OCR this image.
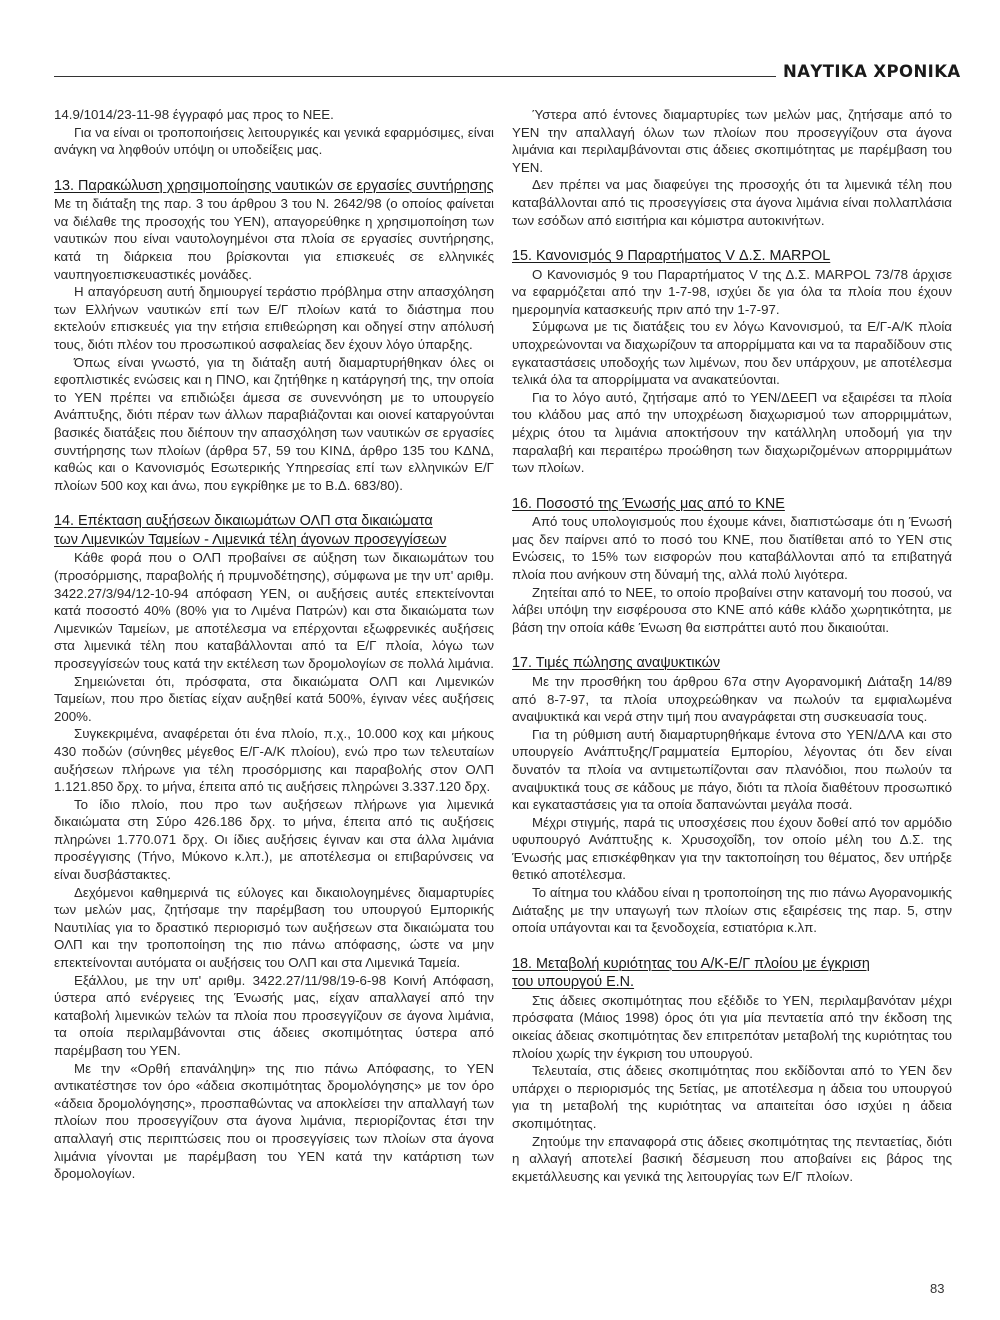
ΝΑΥΤΙΚΑ ΧΡΟΝΙΚΑ

14.9/1014/23-11-98 έγγραφό μας προς το ΝΕΕ.

Για να είναι οι τροποποιήσεις λειτουργικές και γενικά εφαρμόσιμες, είναι ανάγκη να ληφθούν υπόψη οι υποδείξεις μας.

13. Παρακώλυση χρησιμοποίησης ναυτικών σε εργασίες συντήρησης

Με τη διάταξη της παρ. 3 του άρθρου 3 του Ν. 2642/98 (ο οποίος φαίνεται να διέλαθε της προσοχής του ΥΕΝ), απαγορεύθηκε η χρησιμοποίηση των ναυτικών που είναι ναυτολογημένοι στα πλοία σε εργασίες συντήρησης, κατά τη διάρκεια που βρίσκονται για επισκευές σε ελληνικές ναυπηγοεπισκευαστικές μονάδες.

Η απαγόρευση αυτή δημιουργεί τεράστιο πρόβλημα στην απασχόληση των Ελλήνων ναυτικών επί των Ε/Γ πλοίων κατά το διάστημα που εκτελούν επισκευές για την ετήσια επιθεώρηση και οδηγεί στην απόλυσή τους, διότι πλέον του προσωπικού ασφαλείας δεν έχουν λόγο ύπαρξης.

Όπως είναι γνωστό, για τη διάταξη αυτή διαμαρτυρήθηκαν όλες οι εφοπλιστικές ενώσεις και η ΠΝΟ, και ζητήθηκε η κατάργησή της, την οποία το ΥΕΝ πρέπει να επιδιώξει άμεσα σε συνεννόηση με το υπουργείο Ανάπτυξης, διότι πέραν των άλλων παραβιάζονται και οιονεί καταργούνται βασικές διατάξεις που διέπουν την απασχόληση των ναυτικών σε εργασίες συντήρησης των πλοίων (άρθρα 57, 59 του ΚΙΝΔ, άρθρο 135 του ΚΔΝΔ, καθώς και ο Κανονισμός Εσωτερικής Υπηρεσίας επί των ελληνικών Ε/Γ πλοίων 500 κοχ και άνω, που εγκρίθηκε με το Β.Δ. 683/80).

14. Επέκταση αυξήσεων δικαιωμάτων ΟΛΠ στα δικαιώματα
των Λιμενικών Ταμείων - Λιμενικά τέλη άγονων προσεγγίσεων

Κάθε φορά που ο ΟΛΠ προβαίνει σε αύξηση των δικαιωμάτων του (προσόρμισης, παραβολής ή πρυμνοδέτησης), σύμφωνα με την υπ' αριθμ. 3422.27/3/94/12-10-94 απόφαση ΥΕΝ, οι αυξήσεις αυτές επεκτείνονται κατά ποσοστό 40% (80% για το Λιμένα Πατρών) και στα δικαιώματα των Λιμενικών Ταμείων, με αποτέλεσμα να επέρχονται εξωφρενικές αυξήσεις στα λιμενικά τέλη που καταβάλλονται από τα Ε/Γ πλοία, λόγω των προσεγγίσεών τους κατά την εκτέλεση των δρομολογίων σε πολλά λιμάνια.

Σημειώνεται ότι, πρόσφατα, στα δικαιώματα ΟΛΠ και Λιμενικών Ταμείων, που προ διετίας είχαν αυξηθεί κατά 500%, έγιναν νέες αυξήσεις 200%.

Συγκεκριμένα, αναφέρεται ότι ένα πλοίο, π.χ., 10.000 κοχ και μήκους 430 ποδών (σύνηθες μέγεθος Ε/Γ-Α/Κ πλοίου), ενώ προ των τελευταίων αυξήσεων πλήρωνε για τέλη προσόρμισης και παραβολής στον ΟΛΠ 1.121.850 δρχ. το μήνα, έπειτα από τις αυξήσεις πληρώνει 3.337.120 δρχ.

Το ίδιο πλοίο, που προ των αυξήσεων πλήρωνε για λιμενικά δικαιώματα στη Σύρο 426.186 δρχ. το μήνα, έπειτα από τις αυξήσεις πληρώνει 1.770.071 δρχ. Οι ίδιες αυξήσεις έγιναν και στα άλλα λιμάνια προσέγγισης (Τήνο, Μύκονο κ.λπ.), με αποτέλεσμα οι επιβαρύνσεις να είναι δυσβάστακτες.

Δεχόμενοι καθημερινά τις εύλογες και δικαιολογημένες διαμαρτυρίες των μελών μας, ζητήσαμε την παρέμβαση του υπουργού Εμπορικής Ναυτιλίας για το δραστικό περιορισμό των αυξήσεων στα δικαιώματα του ΟΛΠ και την τροποποίηση της πιο πάνω απόφασης, ώστε να μην επεκτείνονται αυτόματα οι αυξήσεις του ΟΛΠ και στα Λιμενικά Ταμεία.

Εξάλλου, με την υπ' αριθμ. 3422.27/11/98/19-6-98 Κοινή Απόφαση, ύστερα από ενέργειες της Ένωσής μας, είχαν απαλλαγεί από την καταβολή λιμενικών τελών τα πλοία που προσεγγίζουν σε άγονα λιμάνια, τα οποία περιλαμβάνονται στις άδειες σκοπιμότητας ύστερα από παρέμβαση του ΥΕΝ.

Με την «Ορθή επανάληψη» της πιο πάνω Απόφασης, το ΥΕΝ αντικατέστησε τον όρο «άδεια σκοπιμότητας δρομολόγησης» με τον όρο «άδεια δρομολόγησης», προσπαθώντας να αποκλείσει την απαλλαγή των πλοίων που προσεγγίζουν στα άγονα λιμάνια, περιορίζοντας έτσι την απαλλαγή στις περιπτώσεις που οι προσεγγίσεις των πλοίων στα άγονα λιμάνια γίνονται με παρέμβαση του ΥΕΝ κατά την κατάρτιση των δρομολογίων.

Ύστερα από έντονες διαμαρτυρίες των μελών μας, ζητήσαμε από το ΥΕΝ την απαλλαγή όλων των πλοίων που προσεγγίζουν στα άγονα λιμάνια και περιλαμβάνονται στις άδειες σκοπιμότητας με παρέμβαση του ΥΕΝ.

Δεν πρέπει να μας διαφεύγει της προσοχής ότι τα λιμενικά τέλη που καταβάλλονται από τις προσεγγίσεις στα άγονα λιμάνια είναι πολλαπλάσια των εσόδων από εισιτήρια και κόμιστρα αυτοκινήτων.

15. Κανονισμός 9 Παραρτήματος V Δ.Σ. MARPOL

Ο Κανονισμός 9 του Παραρτήματος V της Δ.Σ. MARPOL 73/78 άρχισε να εφαρμόζεται από την 1-7-98, ισχύει δε για όλα τα πλοία που έχουν ημερομηνία κατασκευής πριν από την 1-7-97.

Σύμφωνα με τις διατάξεις του εν λόγω Κανονισμού, τα Ε/Γ-Α/Κ πλοία υποχρεώνονται να διαχωρίζουν τα απορρίμματα και να τα παραδίδουν στις εγκαταστάσεις υποδοχής των λιμένων, που δεν υπάρχουν, με αποτέλεσμα τελικά όλα τα απορρίμματα να ανακατεύονται.

Για το λόγο αυτό, ζητήσαμε από το ΥΕΝ/ΔΕΕΠ να εξαιρέσει τα πλοία του κλάδου μας από την υποχρέωση διαχωρισμού των απορριμμάτων, μέχρις ότου τα λιμάνια αποκτήσουν την κατάλληλη υποδομή για την παραλαβή και περαιτέρω προώθηση των διαχωριζομένων απορριμμάτων των πλοίων.

16. Ποσοστό της Ένωσής μας από το ΚΝΕ

Από τους υπολογισμούς που έχουμε κάνει, διαπιστώσαμε ότι η Ένωσή μας δεν παίρνει από το ποσό του ΚΝΕ, που διατίθεται από το ΥΕΝ στις Ενώσεις, το 15% των εισφορών που καταβάλλονται από τα επιβατηγά πλοία που ανήκουν στη δύναμή της, αλλά πολύ λιγότερα.

Ζητείται από το ΝΕΕ, το οποίο προβαίνει στην κατανομή του ποσού, να λάβει υπόψη την εισφέρουσα στο ΚΝΕ από κάθε κλάδο χωρητικότητα, με βάση την οποία κάθε Ένωση θα εισπράττει αυτό που δικαιούται.

17. Τιμές πώλησης αναψυκτικών

Με την προσθήκη του άρθρου 67α στην Αγορανομική Διάταξη 14/89 από 8-7-97, τα πλοία υποχρεώθηκαν να πωλούν τα εμφιαλωμένα αναψυκτικά και νερά στην τιμή που αναγράφεται στη συσκευασία τους.

Για τη ρύθμιση αυτή διαμαρτυρηθήκαμε έντονα στο ΥΕΝ/ΔΛΑ και στο υπουργείο Ανάπτυξης/Γραμματεία Εμπορίου, λέγοντας ότι δεν είναι δυνατόν τα πλοία να αντιμετωπίζονται σαν πλανόδιοι, που πωλούν τα αναψυκτικά τους σε κάδους με πάγο, διότι τα πλοία διαθέτουν προσωπικό και εγκαταστάσεις για τα οποία δαπανώνται μεγάλα ποσά.

Μέχρι στιγμής, παρά τις υποσχέσεις που έχουν δοθεί από τον αρμόδιο υφυπουργό Ανάπτυξης κ. Χρυσοχοΐδη, τον οποίο μέλη του Δ.Σ. της Ένωσής μας επισκέφθηκαν για την τακτοποίηση του θέματος, δεν υπήρξε θετικό αποτέλεσμα.

Το αίτημα του κλάδου είναι η τροποποίηση της πιο πάνω Αγορανομικής Διάταξης με την υπαγωγή των πλοίων στις εξαιρέσεις της παρ. 5, στην οποία υπάγονται και τα ξενοδοχεία, εστιατόρια κ.λπ.

18. Μεταβολή κυριότητας του Α/Κ-Ε/Γ πλοίου με έγκριση
του υπουργού Ε.Ν.

Στις άδειες σκοπιμότητας που εξέδιδε το ΥΕΝ, περιλαμβανόταν μέχρι πρόσφατα (Μάιος 1998) όρος ότι για μία πενταετία από την έκδοση της οικείας άδειας σκοπιμότητας δεν επιτρεπόταν μεταβολή της κυριότητας του πλοίου χωρίς την έγκριση του υπουργού.

Τελευταία, στις άδειες σκοπιμότητας που εκδίδονται από το ΥΕΝ δεν υπάρχει ο περιορισμός της 5ετίας, με αποτέλεσμα η άδεια του υπουργού για τη μεταβολή της κυριότητας να απαιτείται όσο ισχύει η άδεια σκοπιμότητας.

Ζητούμε την επαναφορά στις άδειες σκοπιμότητας της πενταετίας, διότι η αλλαγή αποτελεί βασική δέσμευση που αποβαίνει εις βάρος της εκμετάλλευσης και γενικά της λειτουργίας των Ε/Γ πλοίων.

83
